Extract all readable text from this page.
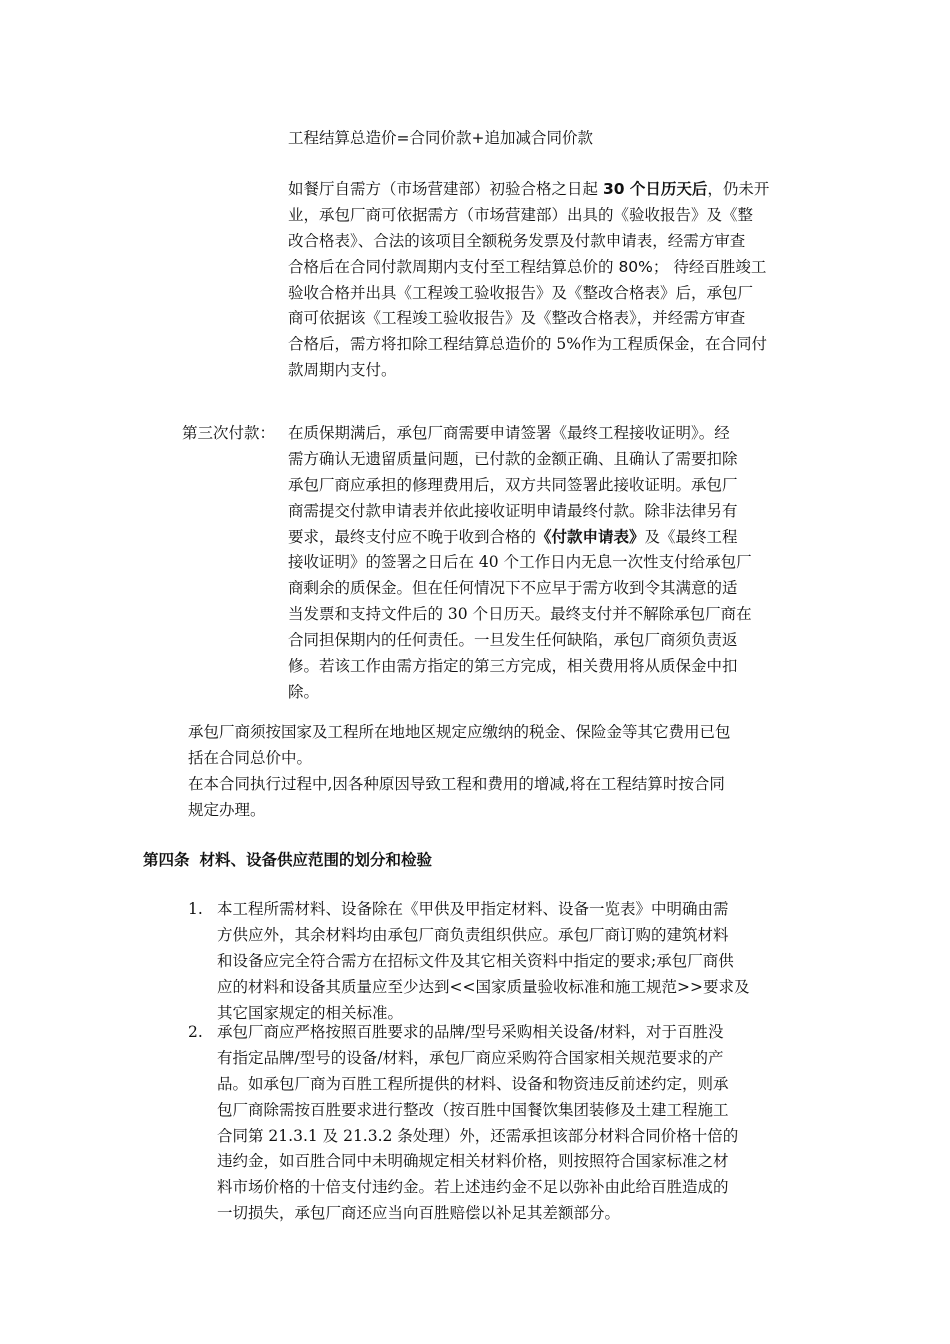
工程结算总造价=合同价款+追加减合同价款
如餐厅自需方（市场营建部）初验合格之日起 30 个日历天后，仍未开
业，承包厂商可依据需方（市场营建部）出具的《验收报告》及《整
改合格表》、合法的该项目全额税务发票及付款申请表，经需方审查
合格后在合同付款周期内支付至工程结算总价的 80%； 待经百胜竣工
验收合格并出具《工程竣工验收报告》及《整改合格表》后，承包厂
商可依据该《工程竣工验收报告》及《整改合格表》，并经需方审查
合格后，需方将扣除工程结算总造价的 5%作为工程质保金，在合同付
款周期内支付。
第三次付款： 在质保期满后，承包厂商需要申请签署《最终工程接收证明》。经
需方确认无遗留质量问题，已付款的金额正确、且确认了需要扣除
承包厂商应承担的修理费用后，双方共同签署此接收证明。承包厂
商需提交付款申请表并依此接收证明申请最终付款。除非法律另有
要求，最终支付应不晚于收到合格的《付款申请表》及《最终工程
接收证明》的签署之日后在 40 个工作日内无息一次性支付给承包厂
商剩余的质保金。但在任何情况下不应早于需方收到令其满意的适
当发票和支持文件后的 30 个日历天。最终支付并不解除承包厂商在
合同担保期内的任何责任。一旦发生任何缺陷，承包厂商须负责返
修。若该工作由需方指定的第三方完成，相关费用将从质保金中扣
除。
承包厂商须按国家及工程所在地地区规定应缴纳的税金、保险金等其它费用已包
括在合同总价中。
在本合同执行过程中,因各种原因导致工程和费用的增减,将在工程结算时按合同
规定办理。
第四条 材料、设备供应范围的划分和检验
1. 本工程所需材料、设备除在《甲供及甲指定材料、设备一览表》中明确由需
方供应外，其余材料均由承包厂商负责组织供应。承包厂商订购的建筑材料
和设备应完全符合需方在招标文件及其它相关资料中指定的要求;承包厂商供
应的材料和设备其质量应至少达到<<国家质量验收标准和施工规范>>要求及
其它国家规定的相关标准。
2. 承包厂商应严格按照百胜要求的品牌/型号采购相关设备/材料，对于百胜没
有指定品牌/型号的设备/材料，承包厂商应采购符合国家相关规范要求的产
品。如承包厂商为百胜工程所提供的材料、设备和物资违反前述约定，则承
包厂商除需按百胜要求进行整改（按百胜中国餐饮集团装修及土建工程施工
合同第 21.3.1 及 21.3.2 条处理）外，还需承担该部分材料合同价格十倍的
违约金，如百胜合同中未明确规定相关材料价格，则按照符合国家标准之材
料市场价格的十倍支付违约金。若上述违约金不足以弥补由此给百胜造成的
一切损失，承包厂商还应当向百胜赔偿以补足其差额部分。
